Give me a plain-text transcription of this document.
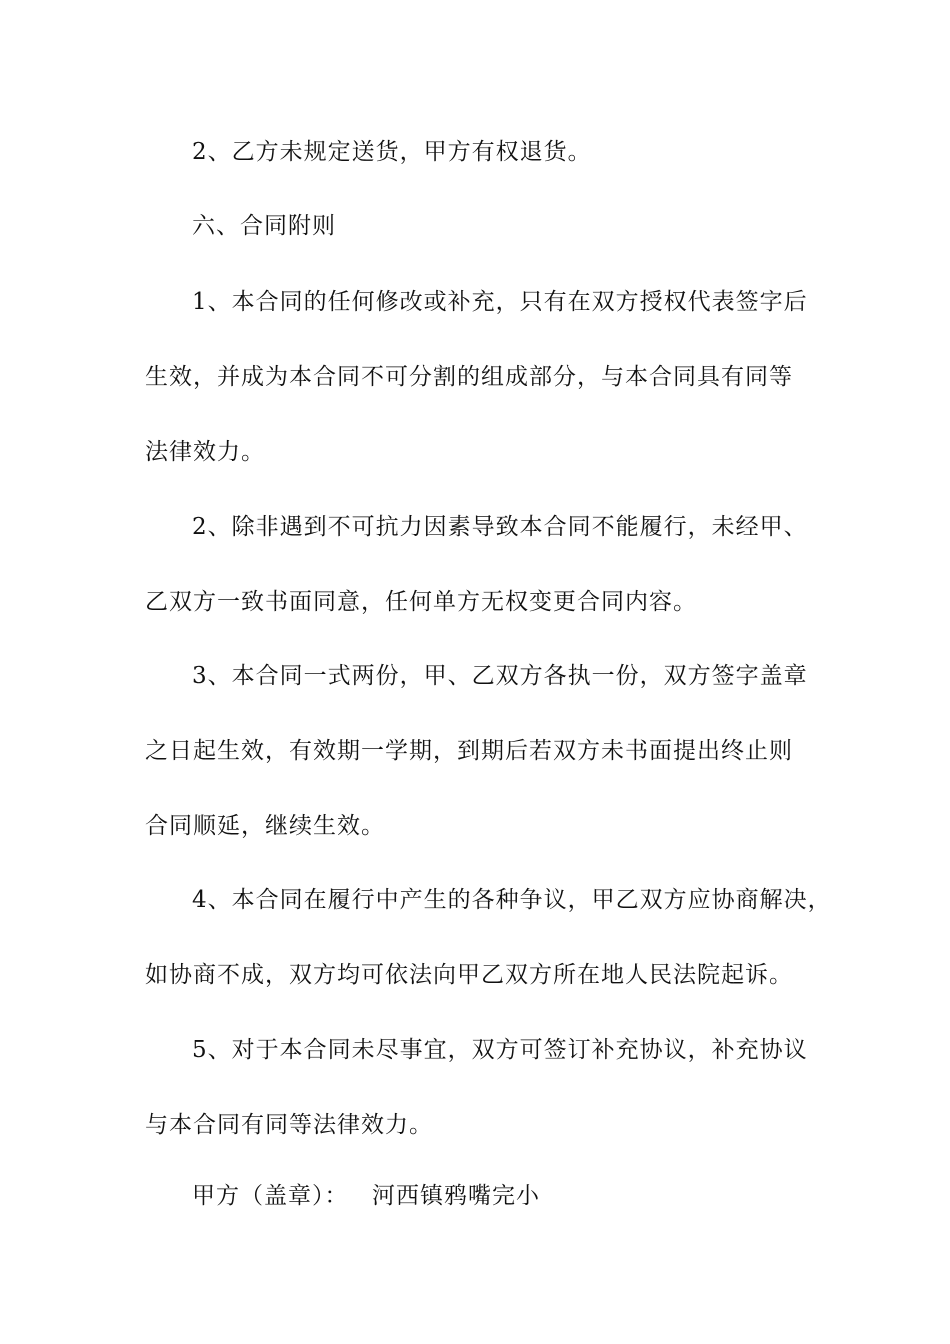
2、乙方未规定送货，甲方有权退货。
六、合同附则
1、本合同的任何修改或补充，只有在双方授权代表签字后
生效，并成为本合同不可分割的组成部分，与本合同具有同等
法律效力。
2、除非遇到不可抗力因素导致本合同不能履行，未经甲、
乙双方一致书面同意，任何单方无权变更合同内容。
3、本合同一式两份，甲、乙双方各执一份，双方签字盖章
之日起生效，有效期一学期，到期后若双方未书面提出终止则
合同顺延，继续生效。
4、本合同在履行中产生的各种争议，甲乙双方应协商解决，
如协商不成，双方均可依法向甲乙双方所在地人民法院起诉。
5、对于本合同未尽事宜，双方可签订补充协议，补充协议
与本合同有同等法律效力。
甲方（盖章）： 河西镇鸦嘴完小
